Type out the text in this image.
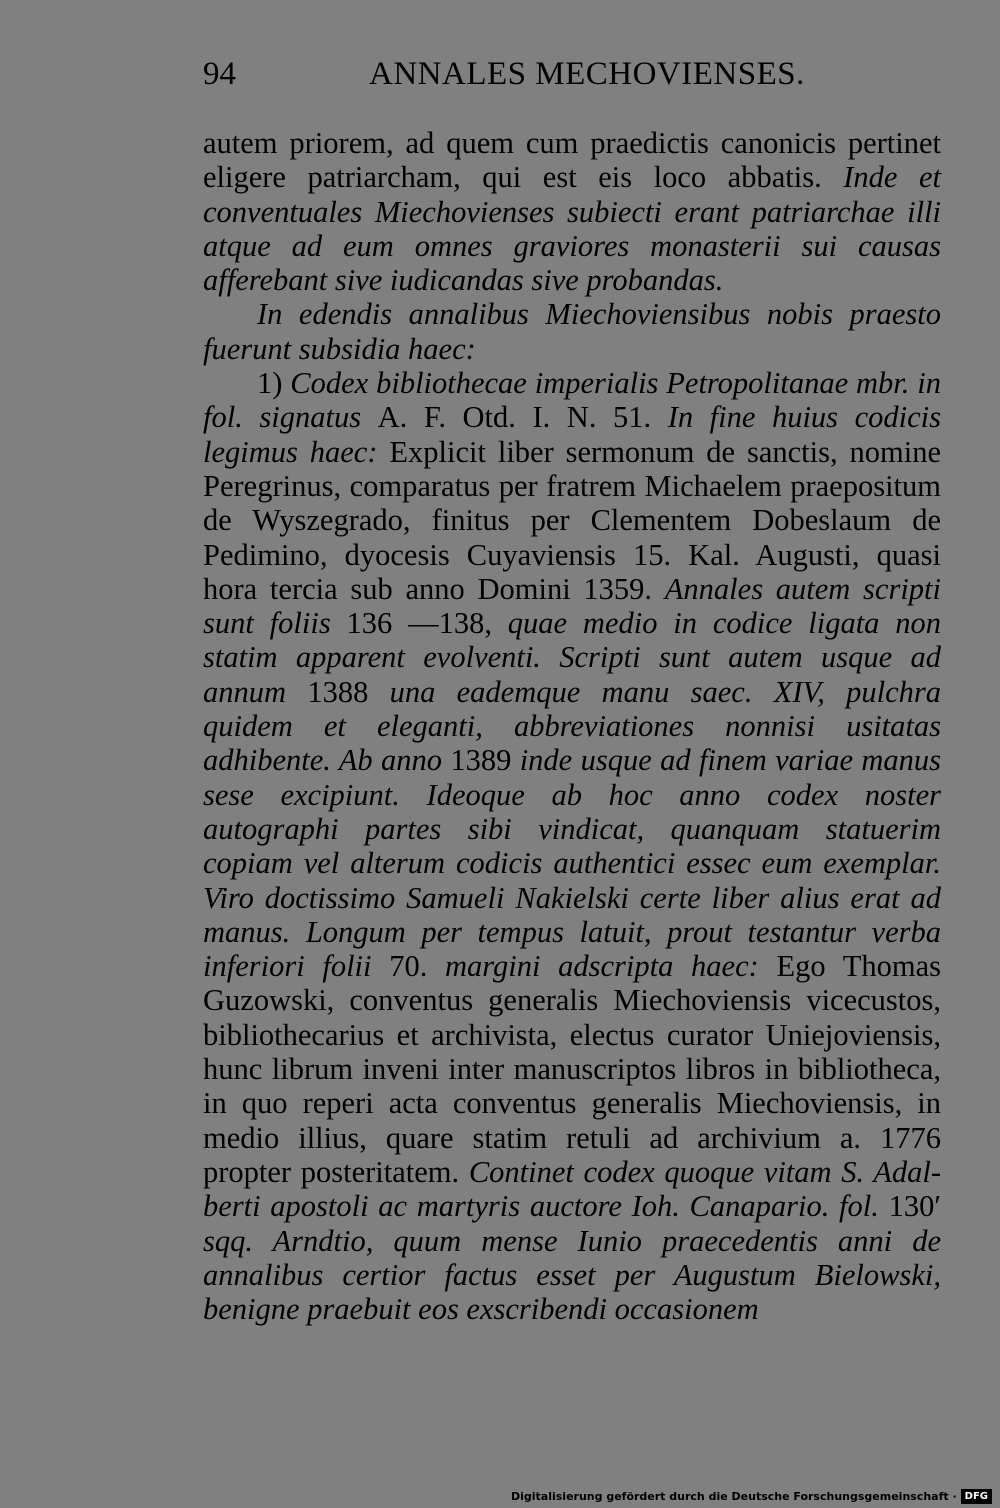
94	ANNALES MECHOVIENSES.

autem priorem, ad quem cum praedictis canonicis pertinet eligere patriarcham, qui est eis loco abbatis. Inde et conventuales Miechovienses subiecti erant patriarchae illi atque ad eum omnes graviores monasterii sui causas afferebant sive iudicandas sive probandas.

In edendis annalibus Miechoviensibus nobis praesto fuerunt subsidia haec:

1) Codex bibliothecae imperialis Petropolitanae mbr. in fol. signatus A. F. Otd. I. N. 51. In fine huius codicis legimus haec: Explicit liber sermonum de sanctis, nomine Peregrinus, comparatus per fratrem Michaelem praepositum de Wyszegrado, finitus per Clementem Dobeslaum de Pedimino, dyocesis Cuyaviensis 15. Kal. Augusti, quasi hora tercia sub anno Domini 1359. Annales autem scripti sunt foliis 136 —138, quae medio in codice ligata non statim apparent evolventi. Scripti sunt autem usque ad annum 1388 una eademque manu saec. XIV, pulchra quidem et eleganti, abbreviationes nonnisi usitatas adhibente. Ab anno 1389 inde usque ad finem variae manus sese excipiunt. Ideoque ab hoc anno codex noster autographi partes sibi vindicat, quanquam statuerim copiam vel alterum codicis authentici essec eum exemplar. Viro doctissimo Samueli Nakielski certe liber alius erat ad manus. Longum per tempus latuit, prout testantur verba inferiori folii 70. margini adscripta haec: Ego Thomas Guzowski, conventus generalis Miechoviensis vicecustos, bibliothecarius et archivista, electus curator Uniejoviensis, hunc librum inveni inter manuscriptos libros in bibliotheca, in quo reperi acta conventus generalis Miechoviensis, in medio illius, quare statim retuli ad archivium a. 1776 propter posteritatem. Continet codex quoque vitam S. Adalberti apostoli ac martyris auctore Ioh. Canapario. fol. 130′ sqq. Arndtio, quum mense Iunio praecedentis anni de annalibus certior factus esset per Augustum Bielowski, benigne praebuit eos exscribendi occasionem

Digitalisierung gefördert durch die Deutsche Forschungsgemeinschaft · DFG
